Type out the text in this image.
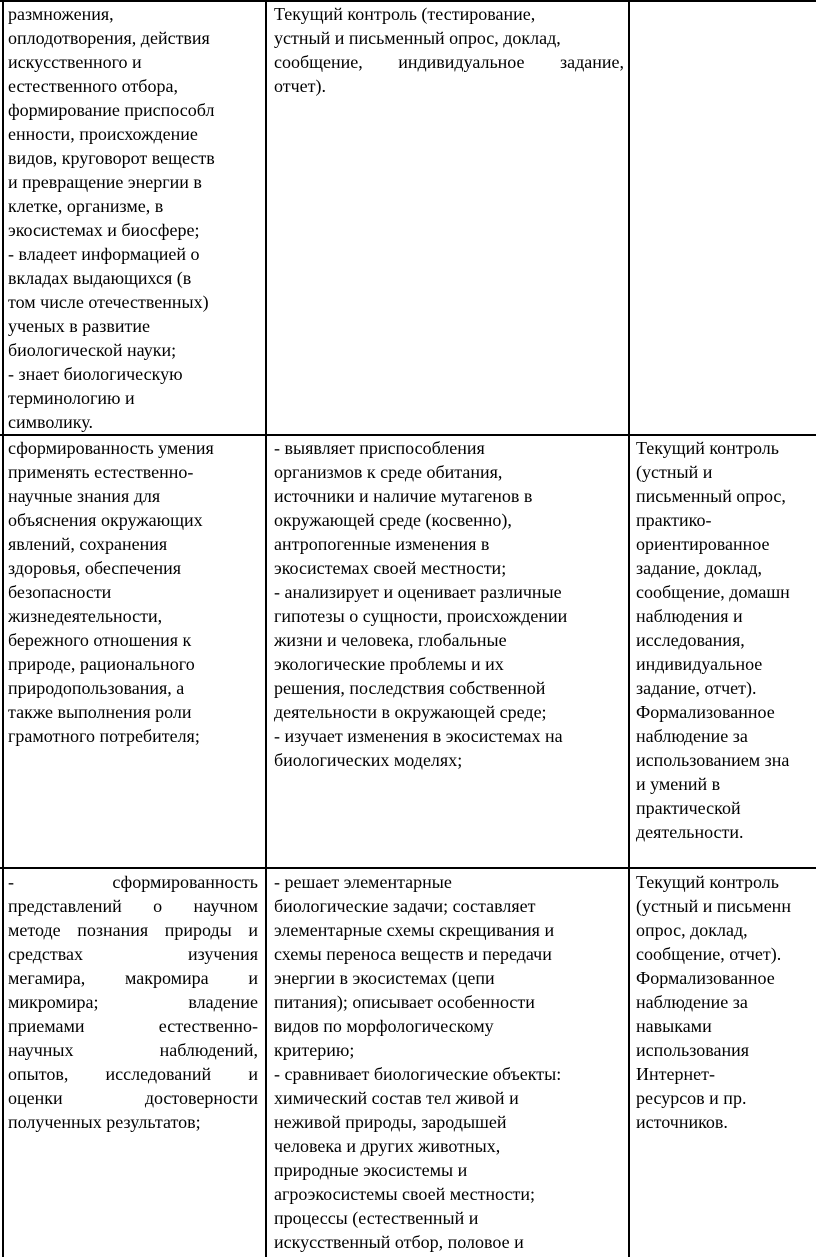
размножения,
оплодотворения, действия
искусственного и
естественного отбора,
формирование приспособл
енности, происхождение
видов, круговорот веществ
и превращение энергии в
клетке, организме, в
экосистемах и биосфере;
- владеет информацией о
вкладах выдающихся (в
том числе отечественных)
ученых в развитие
биологической науки;
- знает биологическую
терминологию и
символику.
Текущий контроль (тестирование,
устный и письменный опрос, доклад,
сообщение, индивидуальное задание,
отчет).
сформированность умения
применять естественно-
научные знания для
объяснения окружающих
явлений, сохранения
здоровья, обеспечения
безопасности
жизнедеятельности,
бережного отношения к
природе, рационального
природопользования, а
также выполнения роли
грамотного потребителя;
- выявляет приспособления
организмов к среде обитания,
источники и наличие мутагенов в
окружающей среде (косвенно),
антропогенные изменения в
экосистемах своей местности;
- анализирует и оценивает различные
гипотезы о сущности, происхождении
жизни и человека, глобальные
экологические проблемы и их
решения, последствия собственной
деятельности в окружающей среде;
- изучает изменения в экосистемах на
биологических моделях;
Текущий контроль
(устный и
письменный опрос,
практико-
ориентированное
задание, доклад,
сообщение, домашн
наблюдения и
исследования,
индивидуальное
задание, отчет).
Формализованное
наблюдение за
использованием зна
и умений в
практической
деятельности.
- сформированность
представлений о научном
методе познания природы и
средствах изучения
мегамира, макромира и
микромира; владение
приемами естественно-
научных наблюдений,
опытов, исследований и
оценки достоверности
полученных результатов;
- решает элементарные
биологические задачи; составляет
элементарные схемы скрещивания и
схемы переноса веществ и передачи
энергии в экосистемах (цепи
питания); описывает особенности
видов по морфологическому
критерию;
- сравнивает биологические объекты:
химический состав тел живой и
неживой природы, зародышей
человека и других животных,
природные экосистемы и
агроэкосистемы своей местности;
процессы (естественный и
искусственный отбор, половое и
Текущий контроль
(устный и письменн
опрос, доклад,
сообщение, отчет).
Формализованное
наблюдение за
навыками
использования
Интернет-
ресурсов и пр.
источников.
